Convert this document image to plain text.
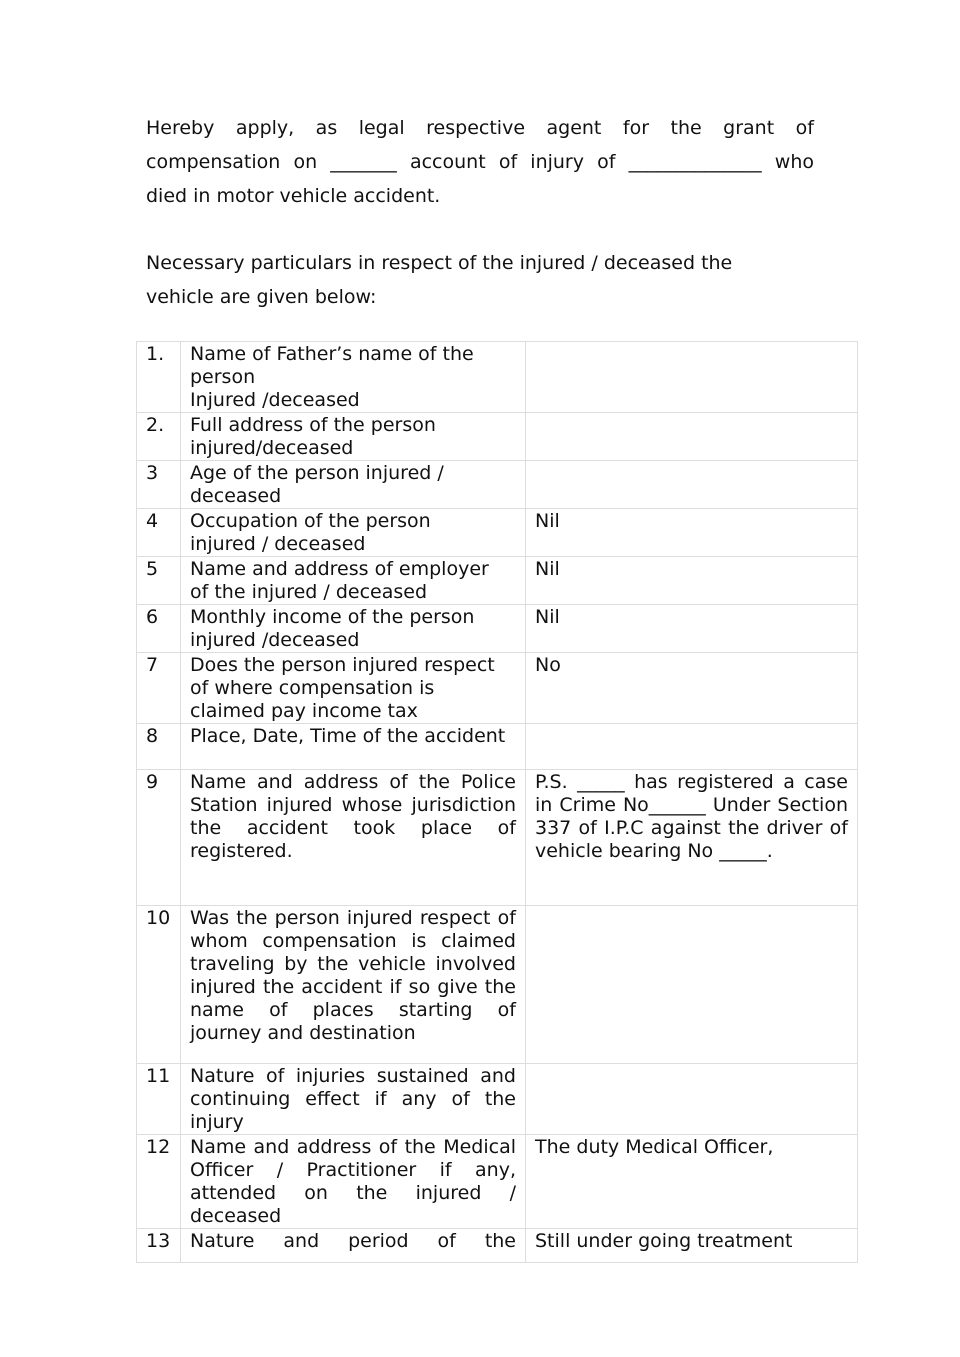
Hereby apply, as legal respective agent for the grant of
compensation on _______ account of injury of ______________ who
died in motor vehicle accident.

Necessary particulars in respect of the injured / deceased the
vehicle are given below:

1.	Name of Father’s name of the
person
Injured /deceased	

2.	Full address of the person
injured/deceased	

3	Age of the person injured /
deceased	

4	Occupation of the person
injured / deceased	Nil
5	Name and address of employer
of the injured / deceased	Nil
6	Monthly income of the person
injured /deceased	Nil
7	Does the person injured respect
of where compensation is
claimed pay income tax	No
8	Place, Date, Time of the accident	

9	Name and address of the Police Station injured whose jurisdiction the accident took place of registered.	P.S. _____ has registered a case in Crime No______ Under Section 337 of I.P.C against the driver of vehicle bearing No _____.
10	Was the person injured respect of whom compensation is claimed traveling by the vehicle involved injured the accident if so give the name of places starting of journey and destination	
11	Nature of injuries sustained and continuing effect if any of the injury	
12	Name and address of the Medical Officer / Practitioner if any, attended on the injured / deceased	The duty Medical Officer,
13	Nature and period of the	Still under going treatment
